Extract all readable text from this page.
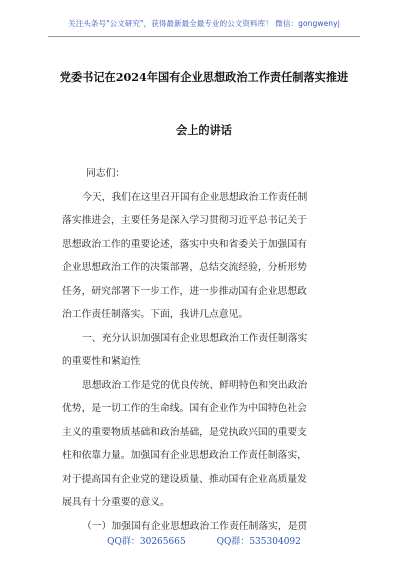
关注头条号"公文研究"，获得最新最全最专业的公文资料库！ 微信：gongwenyj
党委书记在2024年国有企业思想政治工作责任制落实推进
会上的讲话
同志们：
今天，我们在这里召开国有企业思想政治工作责任制
落实推进会，主要任务是深入学习贯彻习近平总书记关于
思想政治工作的重要论述，落实中央和省委关于加强国有
企业思想政治工作的决策部署，总结交流经验，分析形势
任务，研究部署下一步工作，进一步推动国有企业思想政
治工作责任制落实。下面，我讲几点意见。
一、充分认识加强国有企业思想政治工作责任制落实
的重要性和紧迫性
思想政治工作是党的优良传统、鲜明特色和突出政治
优势，是一切工作的生命线。国有企业作为中国特色社会
主义的重要物质基础和政治基础，是党执政兴国的重要支
柱和依靠力量。加强国有企业思想政治工作责任制落实，
对于提高国有企业党的建设质量、推动国有企业高质量发
展具有十分重要的意义。
（一）加强国有企业思想政治工作责任制落实，是贯
QQ群：30265665	QQ群：535304092
